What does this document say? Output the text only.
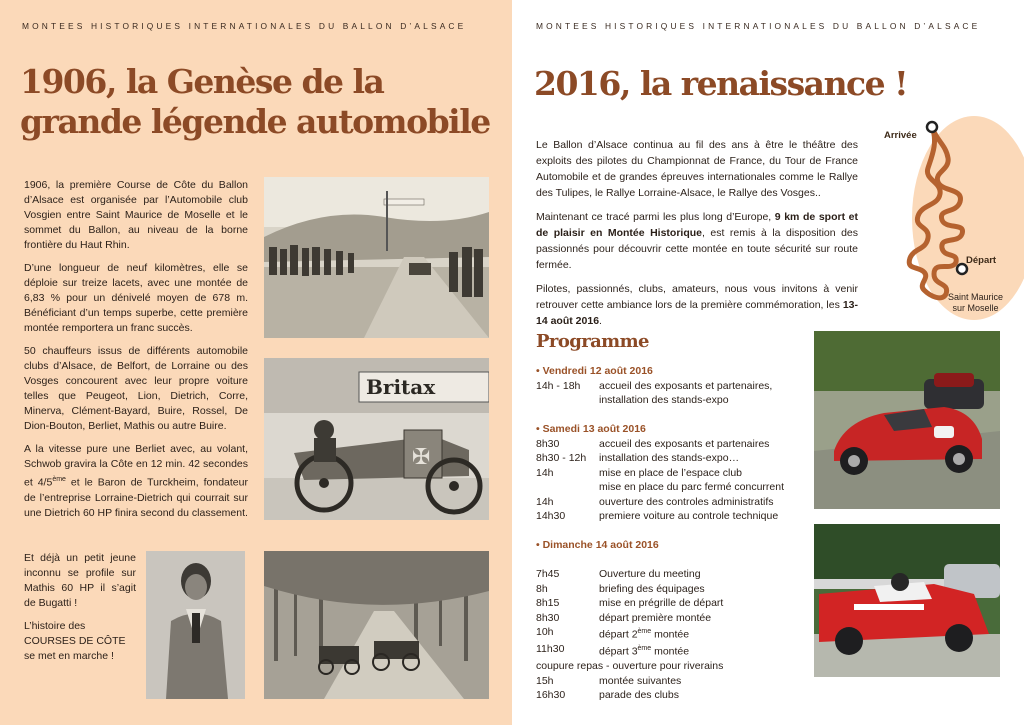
MONTEES HISTORIQUES INTERNATIONALES DU BALLON D’ALSACE
1906, la Genèse de la
grande légende automobile

1906, la première Course de Côte du Ballon d’Alsace est organisée par l’Automobile club Vosgien entre Saint Maurice de Moselle et le sommet du Ballon, au niveau de la borne frontière du Haut Rhin.

D’une longueur de neuf kilomètres, elle se déploie sur treize lacets, avec une montée de 6,83 % pour un dénivelé moyen de 678 m. Bénéficiant d’un temps superbe, cette première montée remportera un franc succès.

50 chauffeurs issus de différents automobile clubs d’Alsace, de Belfort, de Lorraine ou des Vosges concourent avec leur propre voiture telles que Peugeot, Lion, Dietrich, Corre, Minerva, Clément-Bayard, Buire, Rossel, De Dion-Bouton, Berliet, Mathis ou autre Buire.

A la vitesse pure une Berliet avec, au volant, Schwob gravira la Côte en 12 min. 42 secondes et 4/5ème et le Baron de Turckheim, fondateur de l’entreprise Lorraine-Dietrich qui courrait sur une Dietrich 60 HP finira second du classement.

Et déjà un petit jeune inconnu se profile sur Mathis 60 HP il s’agit de Bugatti !

L’histoire des
COURSES DE CÔTE
se met en marche !

Britax
✠
MONTEES HISTORIQUES INTERNATIONALES DU BALLON D’ALSACE
2016, la renaissance !

Le Ballon d’Alsace continua au fil des ans à être le théâtre des exploits des pilotes du Championnat de France, du Tour de France Automobile et de grandes épreuves internationales comme le Rallye des Tulipes, le Rallye Lorraine-Alsace, le Rallye des Vosges..

Maintenant ce tracé parmi les plus long d’Europe, 9 km de sport et de plaisir en Montée Historique, est remis à la disposition des passionnés pour découvrir cette montée en toute sécurité sur route fermée.

Pilotes, passionnés, clubs, amateurs, nous vous invitons à venir retrouver cette ambiance lors de la première commémoration, les 13-14 août 2016.

Arrivée
Départ
Saint Maurice
sur Moselle
Programme
• Vendredi 12 août 2016
14h - 18h	accueil des exposants et partenaires,
installation des stands-expo
• Samedi 13 août 2016
8h30	accueil des exposants et partenaires
8h30 - 12h	installation des stands-expo…
14h	mise en place de l’espace club
mise en place du parc fermé concurrent
14h	ouverture des controles administratifs
14h30	premiere voiture au controle technique
• Dimanche 14 août 2016
7h45	Ouverture du meeting
8h	briefing des équipages
8h15	mise en prégrille de départ
8h30	départ première montée
10h	départ 2ème montée
11h30	départ 3ème montée
coupure repas - ouverture pour riverains
15h	montée suivantes
16h30	parade des clubs
